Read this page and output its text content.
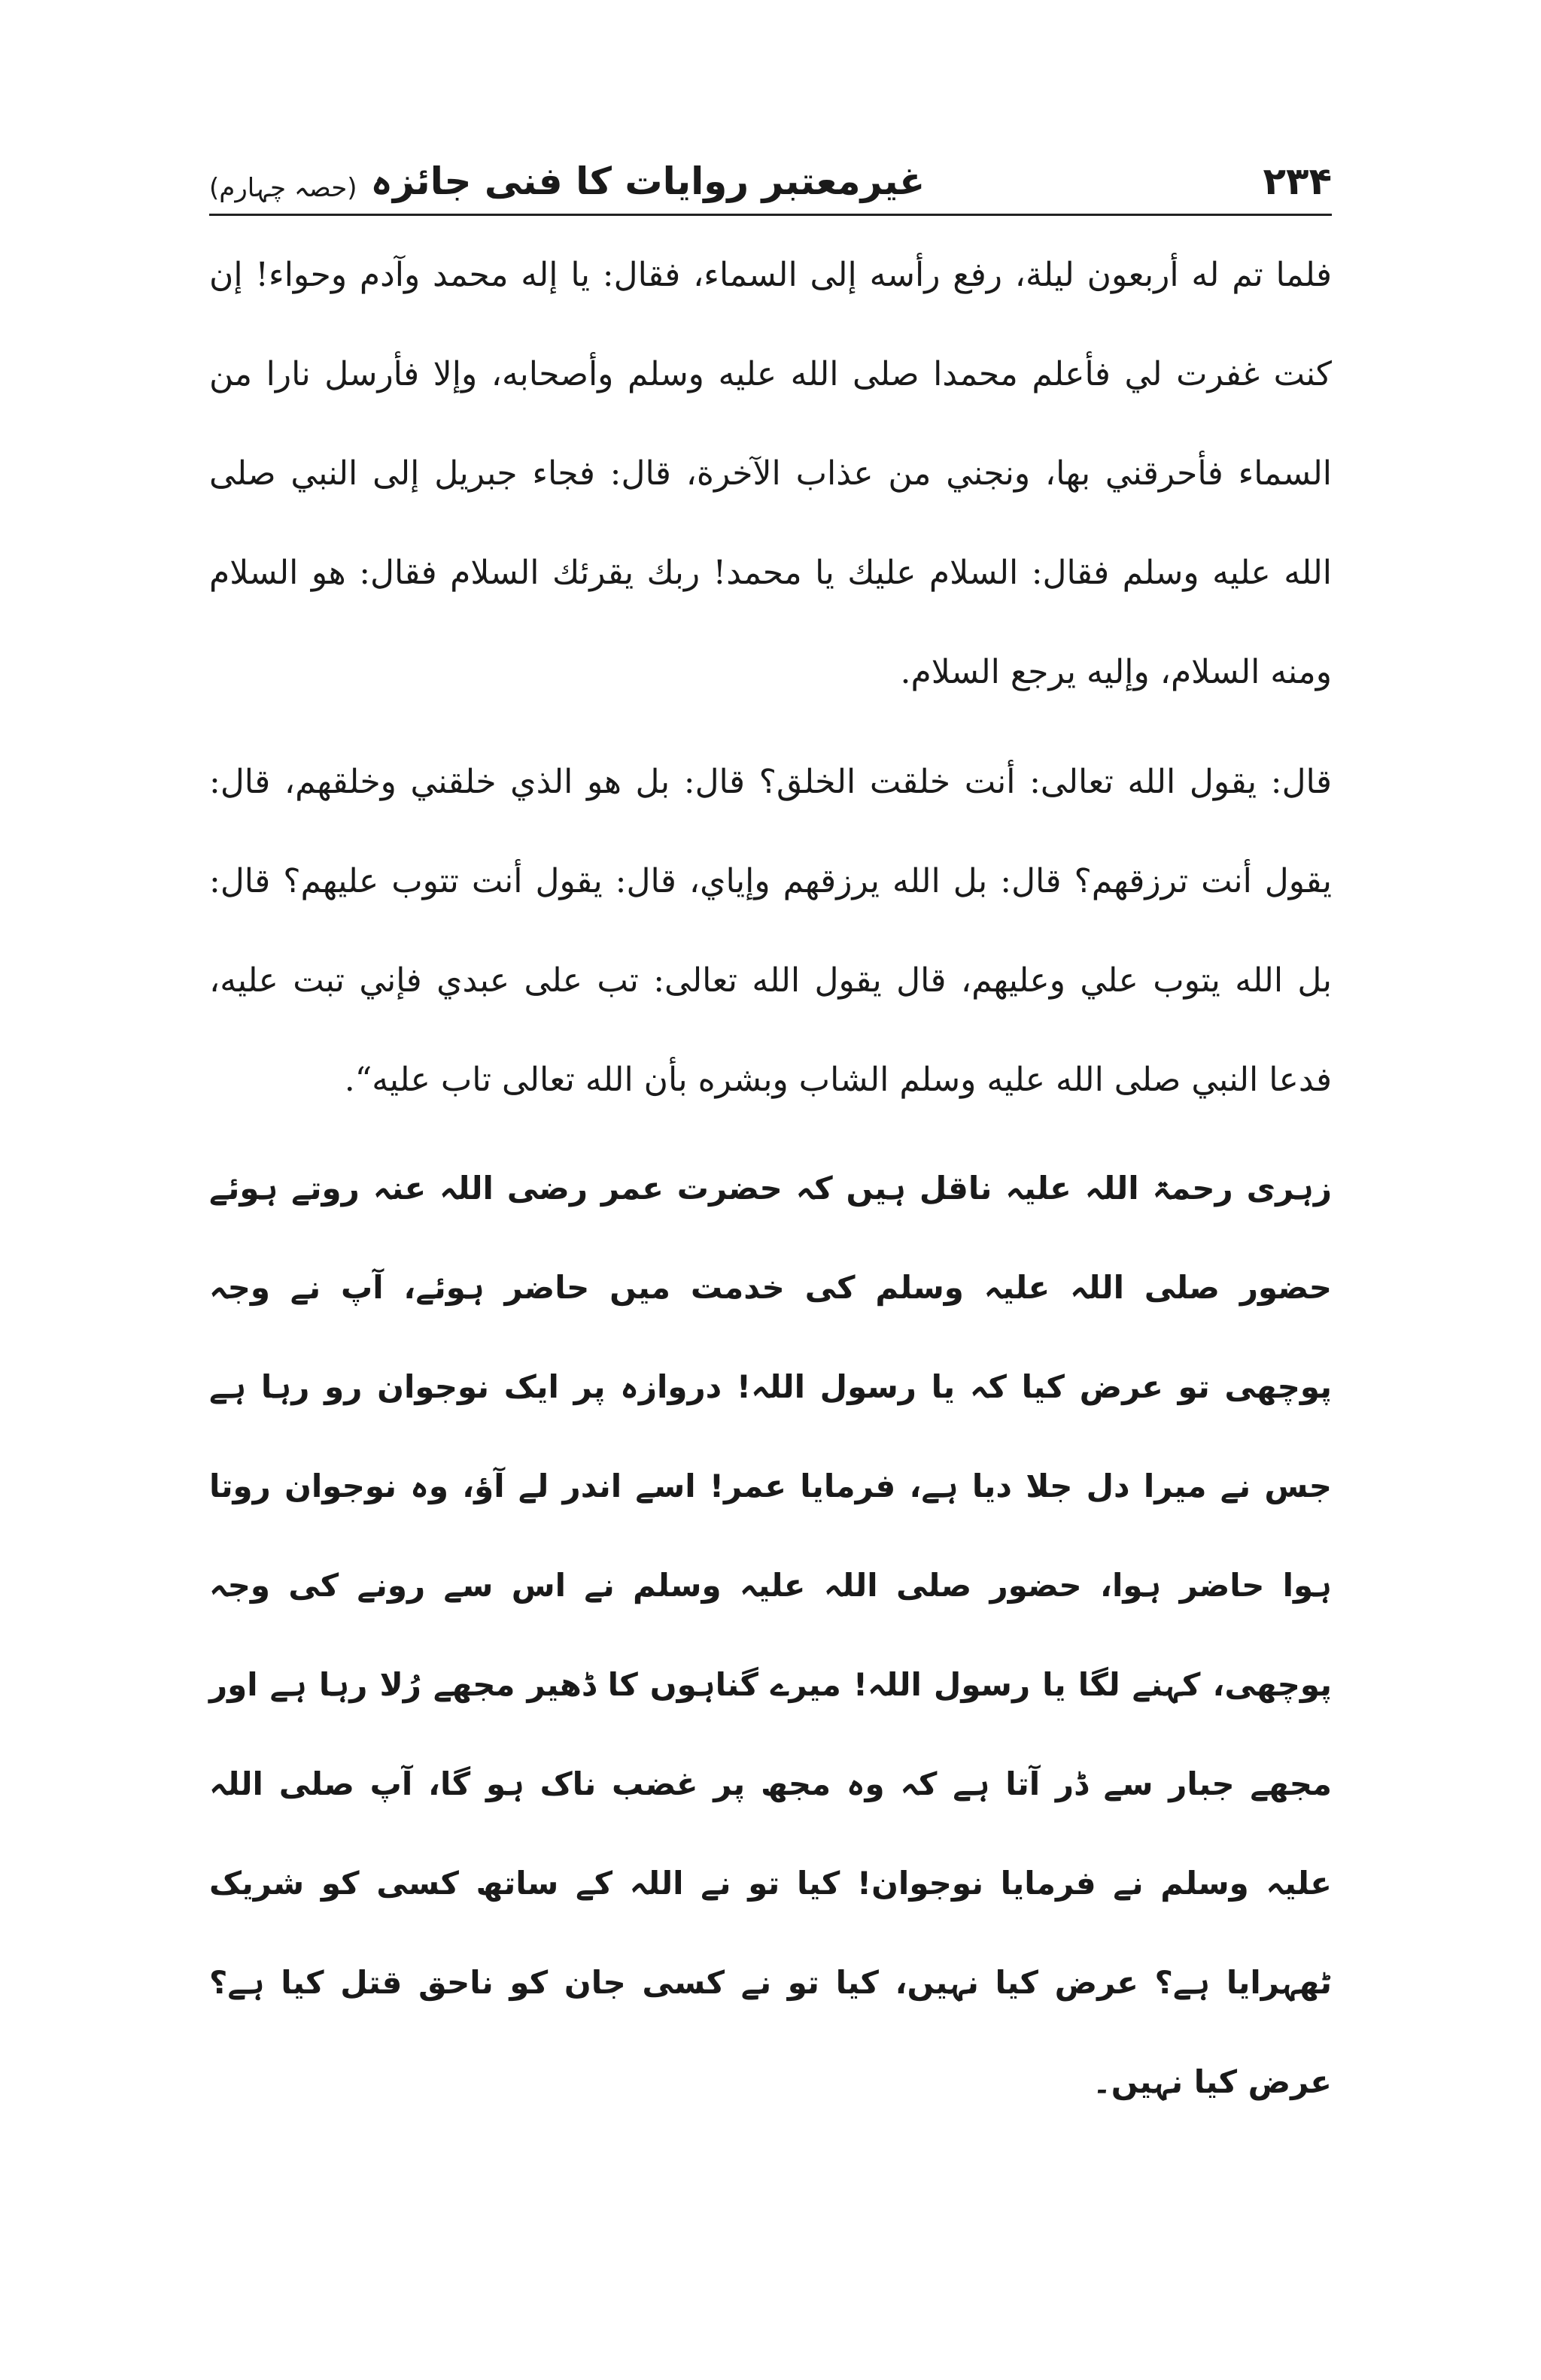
۲۳۴
غیرمعتبر روایات کا فنی جائزہ
(حصہ چہارم)

فلما تم له أربعون ليلة، رفع رأسه إلى السماء، فقال: يا إله محمد وآدم وحواء! إن كنت غفرت لي فأعلم محمدا صلى الله عليه وسلم وأصحابه، وإلا فأرسل نارا من السماء فأحرقني بها، ونجني من عذاب الآخرة، قال: فجاء جبريل إلى النبي صلى الله عليه وسلم فقال: السلام عليك يا محمد! ربك يقرئك السلام فقال: هو السلام ومنه السلام، وإليه يرجع السلام.

قال: يقول الله تعالى: أنت خلقت الخلق؟ قال: بل هو الذي خلقني وخلقهم، قال: يقول أنت ترزقهم؟ قال: بل الله يرزقهم وإياي، قال: يقول أنت تتوب عليهم؟ قال: بل الله يتوب علي وعليهم، قال يقول الله تعالى: تب على عبدي فإني تبت عليه، فدعا النبي صلى الله عليه وسلم الشاب وبشره بأن الله تعالى تاب عليه“.

زہری رحمۃ اللہ علیہ ناقل ہیں کہ حضرت عمر رضی اللہ عنہ روتے ہوئے حضور صلی اللہ علیہ وسلم کی خدمت میں حاضر ہوئے، آپ نے وجہ پوچھی تو عرض کیا کہ یا رسول اللہ! دروازہ پر ایک نوجوان رو رہا ہے جس نے میرا دل جلا دیا ہے، فرمایا عمر! اسے اندر لے آؤ، وہ نوجوان روتا ہوا حاضر ہوا، حضور صلی اللہ علیہ وسلم نے اس سے رونے کی وجہ پوچھی، کہنے لگا یا رسول اللہ! میرے گناہوں کا ڈھیر مجھے رُلا رہا ہے اور مجھے جبار سے ڈر آتا ہے کہ وہ مجھ پر غضب ناک ہو گا، آپ صلی اللہ علیہ وسلم نے فرمایا نوجوان! کیا تو نے اللہ کے ساتھ کسی کو شریک ٹھہرایا ہے؟ عرض کیا نہیں، کیا تو نے کسی جان کو ناحق قتل کیا ہے؟ عرض کیا نہیں۔
